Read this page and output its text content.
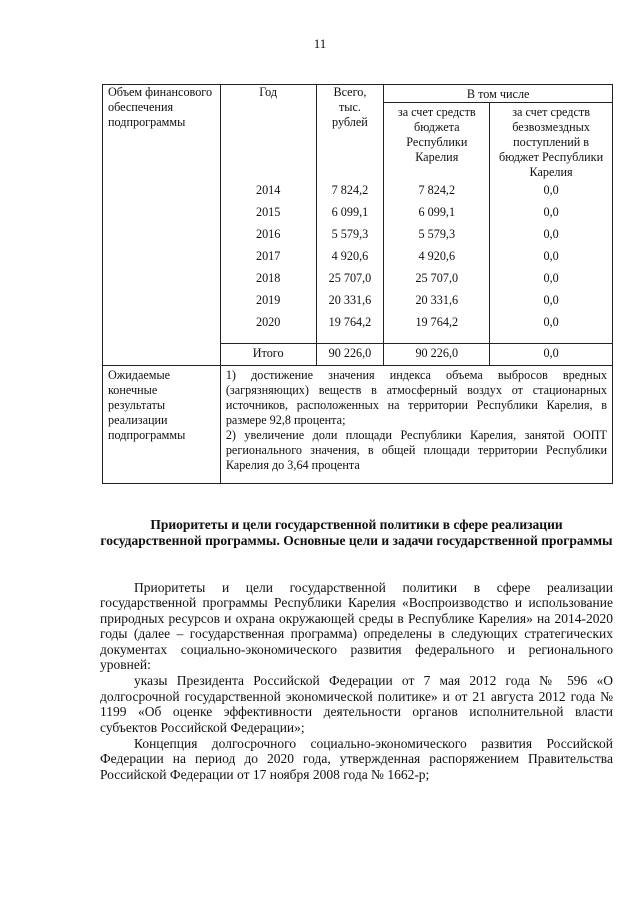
11
Объем финансового обеспечения подпрограммы	Год	Всего, тыс. рублей	В том числе	
			за счет средств бюджета Республики Карелия	за счет средств безвозмездных поступлений в бюджет Республики Карелия
	2014	7 824,2	7 824,2	0,0
	2015	6 099,1	6 099,1	0,0
	2016	5 579,3	5 579,3	0,0
	2017	4 920,6	4 920,6	0,0
	2018	25 707,0	25 707,0	0,0
	2019	20 331,6	20 331,6	0,0
	2020	19 764,2	19 764,2	0,0
	Итого	90 226,0	90 226,0	0,0
Ожидаемые конечные результаты реализации подпрограммы	1) достижение значения индекса объема выбросов вредных (загрязняющих) веществ в атмосферный воздух от стационарных источников, расположенных на территории Республики Карелия, в размере 92,8 процента;
2) увеличение доли площади Республики Карелия, занятой ООПТ регионального значения, в общей площади территории Республики Карелия до 3,64 процента			
Приоритеты и цели государственной политики в сфере реализации государственной программы. Основные цели и задачи государственной программы

Приоритеты и цели государственной политики в сфере реализации государственной программы Республики Карелия «Воспроизводство и использование природных ресурсов и охрана окружающей среды в Республике Карелия» на 2014-2020 годы (далее – государственная программа) определены в следующих стратегических документах социально-экономического развития федерального и регионального уровней:

указы Президента Российской Федерации от 7 мая 2012 года № 596 «О долгосрочной государственной экономической политике» и от 21 августа 2012 года № 1199 «Об оценке эффективности деятельности органов исполнительной власти субъектов Российской Федерации»;

Концепция долгосрочного социально-экономического развития Российской Федерации на период до 2020 года, утвержденная распоряжением Правительства Российской Федерации от 17 ноября 2008 года № 1662-р;
